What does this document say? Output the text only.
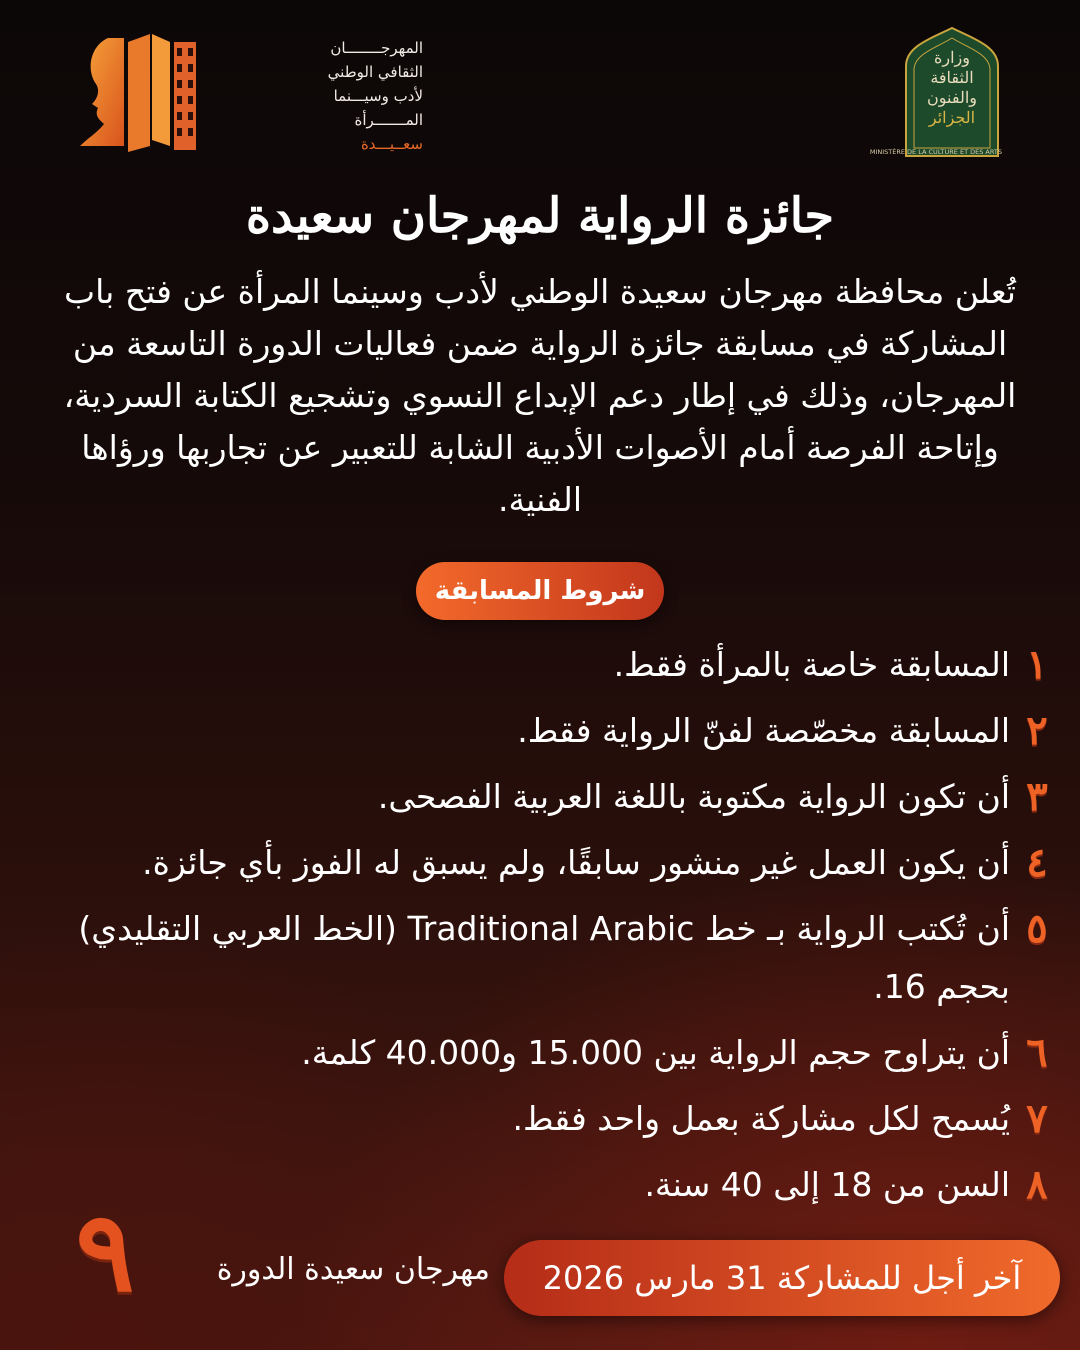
المهرجــــــــان
الثقافي الوطني
لأدب وسيـــنما
المـــــــرأة
سعــيـــدة
وزارة
الثقافة
والفنون
الجزائر
MINISTÈRE DE LA CULTURE ET DES ARTS
جائزة الرواية لمهرجان سعيدة
تُعلن محافظة مهرجان سعيدة الوطني لأدب وسينما المرأة عن فتح باب المشاركة في مسابقة جائزة الرواية ضمن فعاليات الدورة التاسعة من المهرجان، وذلك في إطار دعم الإبداع النسوي وتشجيع الكتابة السردية، وإتاحة الفرصة أمام الأصوات الأدبية الشابة للتعبير عن تجاربها ورؤاها الفنية.
شروط المسابقة
١
المسابقة خاصة بالمرأة فقط.
٢
المسابقة مخصّصة لفنّ الرواية فقط.
٣
أن تكون الرواية مكتوبة باللغة العربية الفصحى.
٤
أن يكون العمل غير منشور سابقًا، ولم يسبق له الفوز بأي جائزة.
٥
أن تُكتب الرواية بـ خط Traditional Arabic (الخط العربي التقليدي) بحجم 16.
٦
أن يتراوح حجم الرواية بين 15.000 و40.000 كلمة.
٧
يُسمح لكل مشاركة بعمل واحد فقط.
٨
السن من 18 إلى 40 سنة.
آخر أجل للمشاركة 31 مارس 2026
مهرجان سعيدة الدورة
٩
